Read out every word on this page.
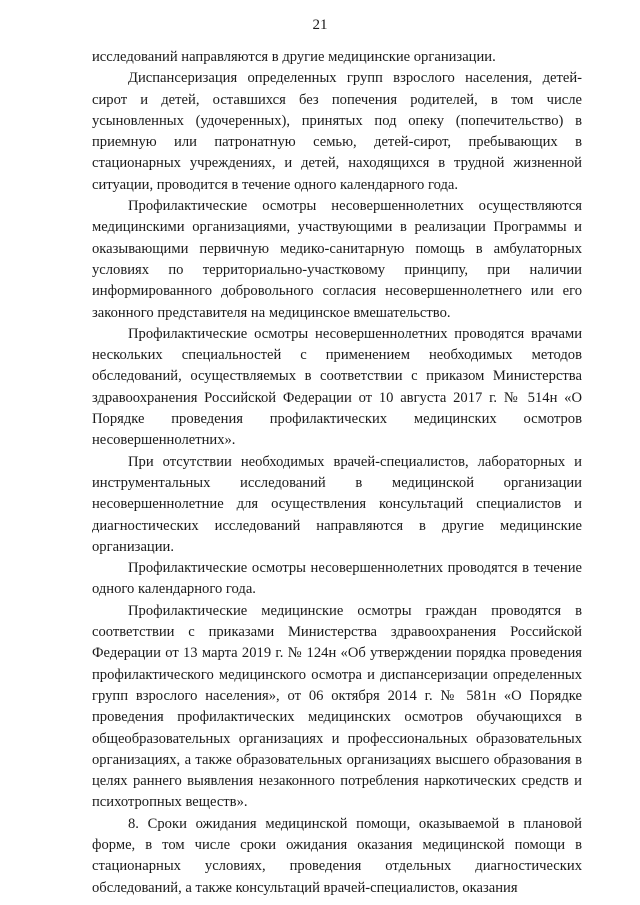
21

исследований направляются в другие медицинские организации.

Диспансеризация определенных групп взрослого населения, детей-сирот и детей, оставшихся без попечения родителей, в том числе усыновленных (удочеренных), принятых под опеку (попечительство) в приемную или патронатную семью, детей-сирот, пребывающих в стационарных учреждениях, и детей, находящихся в трудной жизненной ситуации, проводится в течение одного календарного года.

Профилактические осмотры несовершеннолетних осуществляются медицинскими организациями, участвующими в реализации Программы и оказывающими первичную медико-санитарную помощь в амбулаторных условиях по территориально-участковому принципу, при наличии информированного добровольного согласия несовершеннолетнего или его законного представителя на медицинское вмешательство.

Профилактические осмотры несовершеннолетних проводятся врачами нескольких специальностей с применением необходимых методов обследований, осуществляемых в соответствии с приказом Министерства здравоохранения Российской Федерации от 10 августа 2017 г. № 514н «О Порядке проведения профилактических медицинских осмотров несовершеннолетних».

При отсутствии необходимых врачей-специалистов, лабораторных и инструментальных исследований в медицинской организации несовершеннолетние для осуществления консультаций специалистов и диагностических исследований направляются в другие медицинские организации.

Профилактические осмотры несовершеннолетних проводятся в течение одного календарного года.

Профилактические медицинские осмотры граждан проводятся в соответствии с приказами Министерства здравоохранения Российской Федерации от 13 марта 2019 г. № 124н «Об утверждении порядка проведения профилактического медицинского осмотра и диспансеризации определенных групп взрослого населения», от 06 октября 2014 г. № 581н «О Порядке проведения профилактических медицинских осмотров обучающихся в общеобразовательных организациях и профессиональных образовательных организациях, а также образовательных организациях высшего образования в целях раннего выявления незаконного потребления наркотических средств и психотропных веществ».

8. Сроки ожидания медицинской помощи, оказываемой в плановой форме, в том числе сроки ожидания оказания медицинской помощи в стационарных условиях, проведения отдельных диагностических обследований, а также консультаций врачей-специалистов, оказания
